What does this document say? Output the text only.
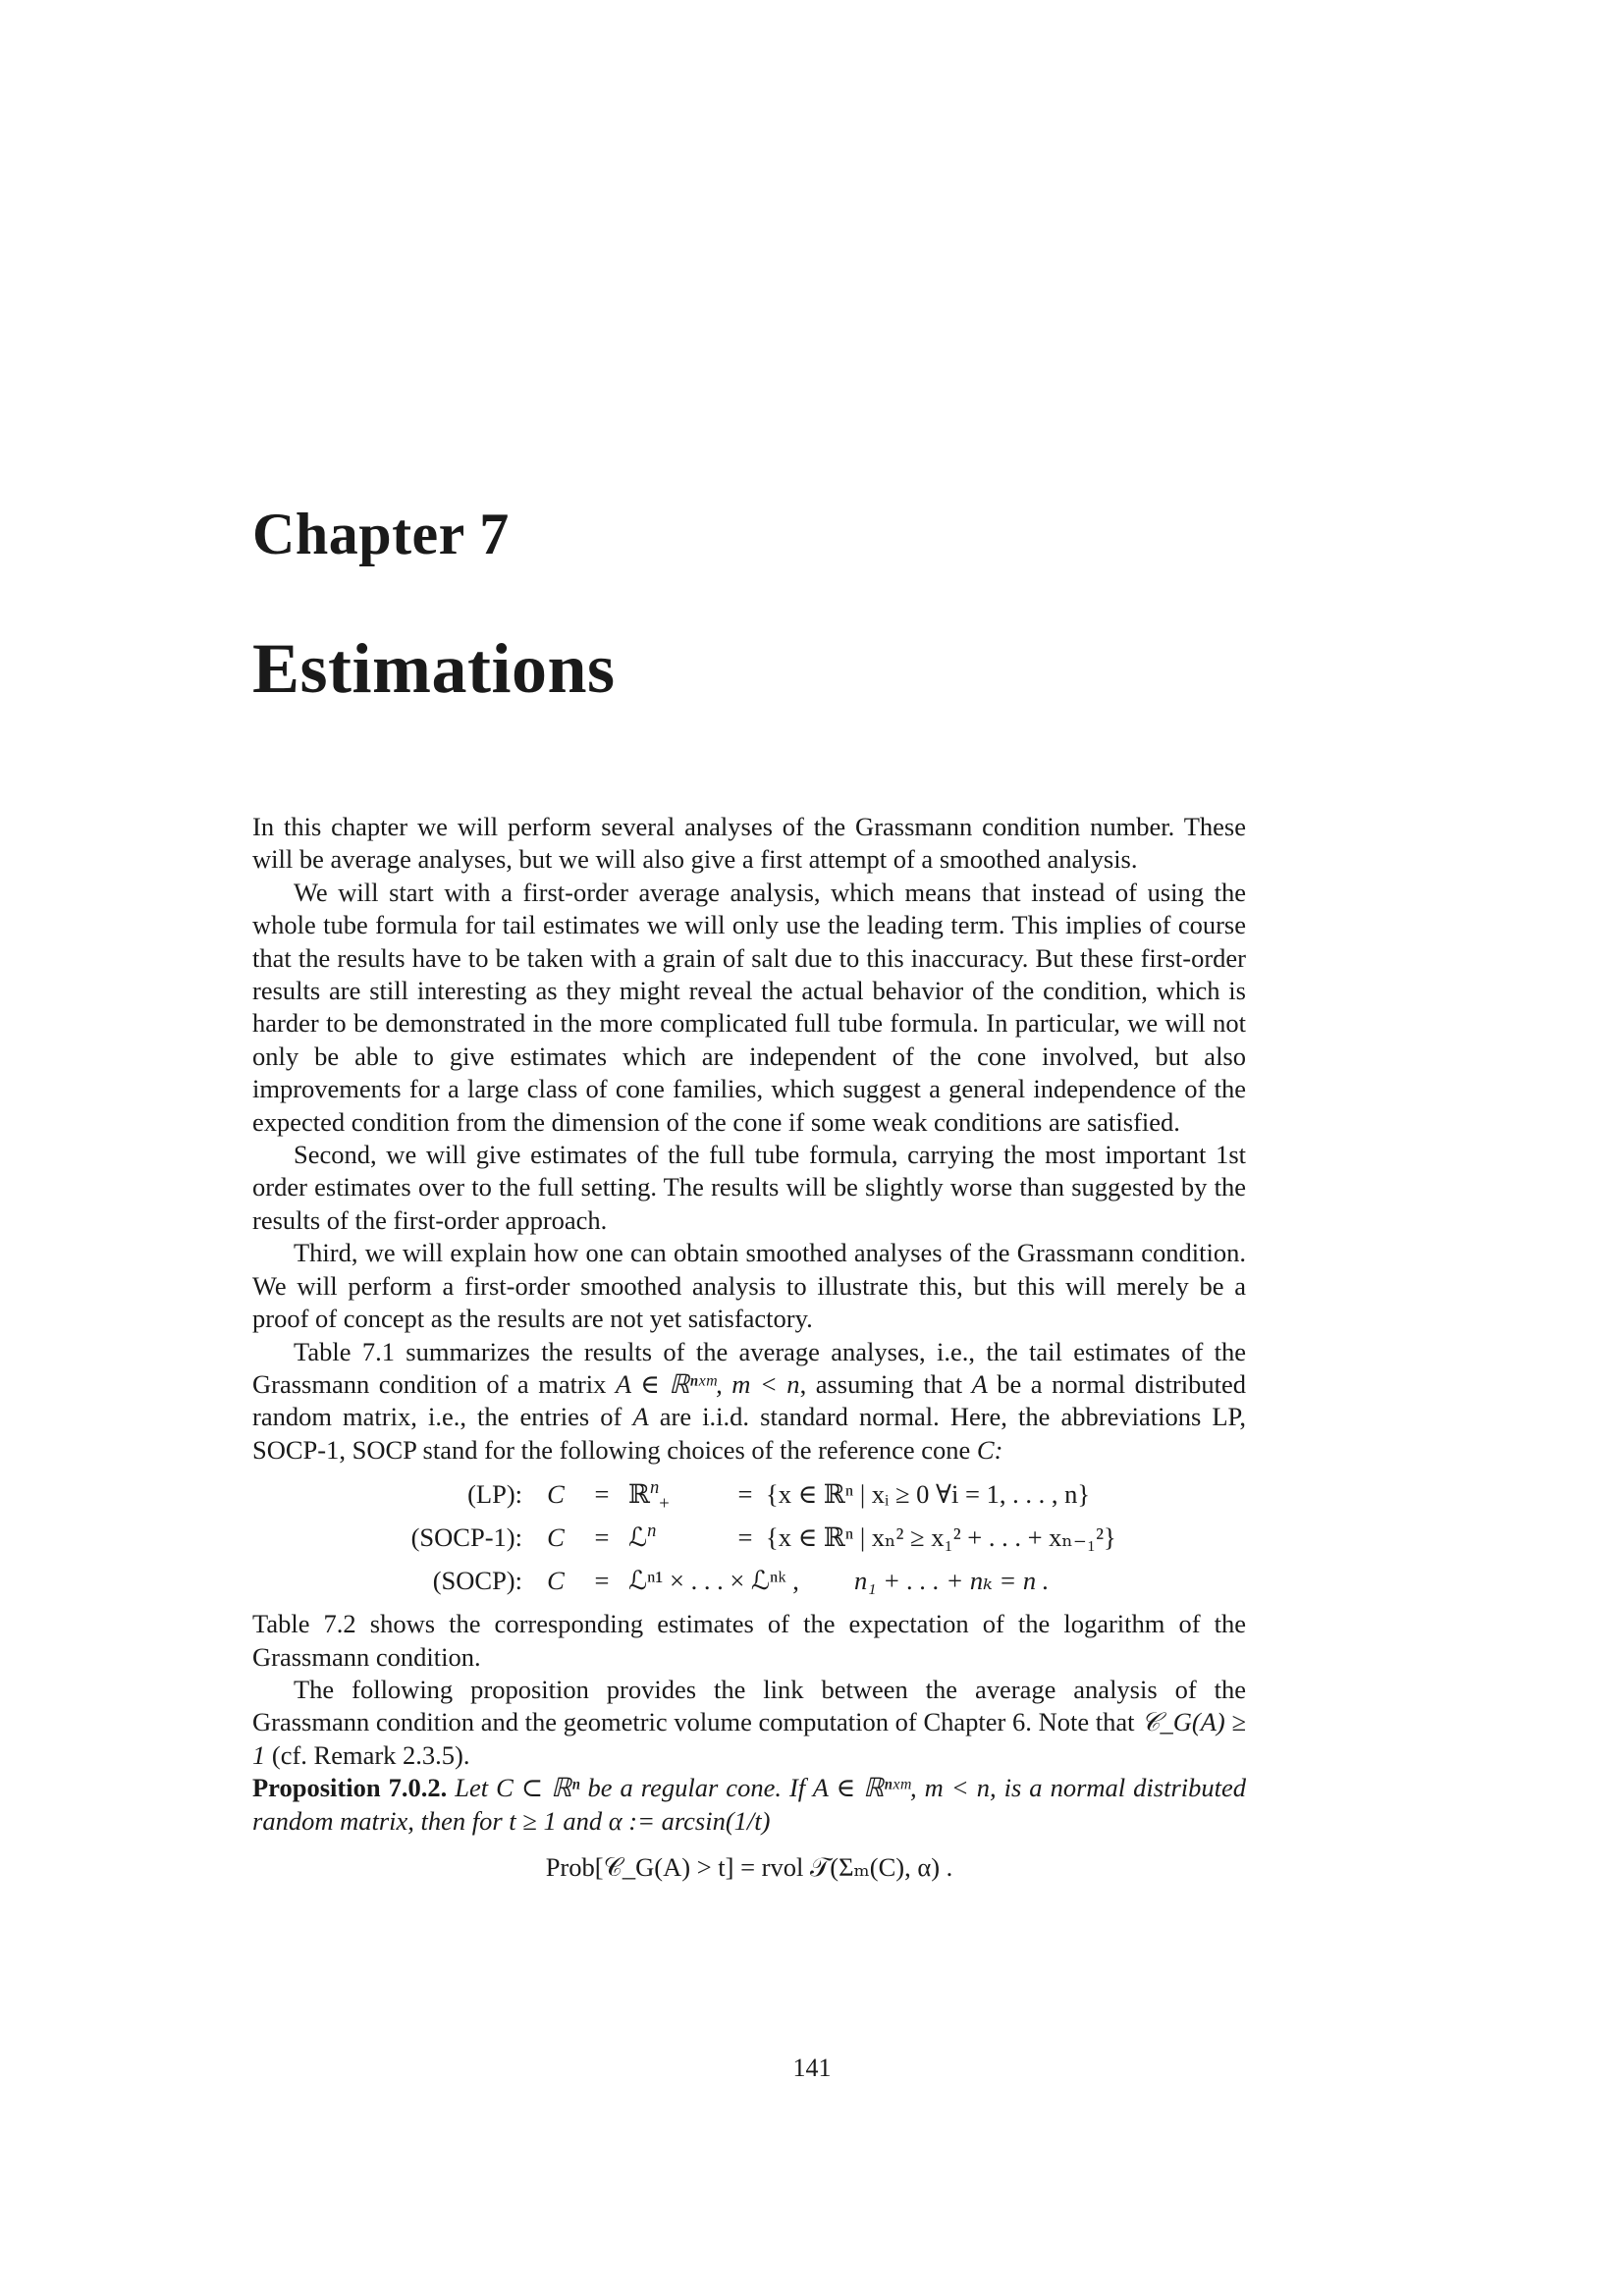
Chapter 7
Estimations

In this chapter we will perform several analyses of the Grassmann condition number. These will be average analyses, but we will also give a first attempt of a smoothed analysis.

We will start with a first-order average analysis, which means that instead of using the whole tube formula for tail estimates we will only use the leading term. This implies of course that the results have to be taken with a grain of salt due to this inaccuracy. But these first-order results are still interesting as they might reveal the actual behavior of the condition, which is harder to be demonstrated in the more complicated full tube formula. In particular, we will not only be able to give estimates which are independent of the cone involved, but also improvements for a large class of cone families, which suggest a general independence of the expected condition from the dimension of the cone if some weak conditions are satisfied.

Second, we will give estimates of the full tube formula, carrying the most important 1st order estimates over to the full setting. The results will be slightly worse than suggested by the results of the first-order approach.

Third, we will explain how one can obtain smoothed analyses of the Grassmann condition. We will perform a first-order smoothed analysis to illustrate this, but this will merely be a proof of concept as the results are not yet satisfactory.

Table 7.1 summarizes the results of the average analyses, i.e., the tail estimates of the Grassmann condition of a matrix A ∈ ℝⁿˣᵐ, m < n, assuming that A be a normal distributed random matrix, i.e., the entries of A are i.i.d. standard normal. Here, the abbreviations LP, SOCP-1, SOCP stand for the following choices of the reference cone C:

(LP): C	= ℝ$^n_+$	= {x ∈ ℝⁿ | xᵢ ≥ 0 ∀i = 1, . . . , n}
(SOCP-1): C	= ℒ$^n$	= {x ∈ ℝⁿ | xₙ² ≥ x₁² + . . . + xₙ₋₁²}
(SOCP): C	= ℒⁿ¹ × . . . × ℒⁿᵏ ,	n₁ + . . . + nₖ = n .

Table 7.2 shows the corresponding estimates of the expectation of the logarithm of the Grassmann condition.

The following proposition provides the link between the average analysis of the Grassmann condition and the geometric volume computation of Chapter 6. Note that 𝒞_G(A) ≥ 1 (cf. Remark 2.3.5).

Proposition 7.0.2. Let C ⊂ ℝⁿ be a regular cone. If A ∈ ℝⁿˣᵐ, m < n, is a normal distributed random matrix, then for t ≥ 1 and α := arcsin(1/t)

Prob[𝒞_G(A) > t] = rvol 𝒯(Σₘ(C), α) .
141
